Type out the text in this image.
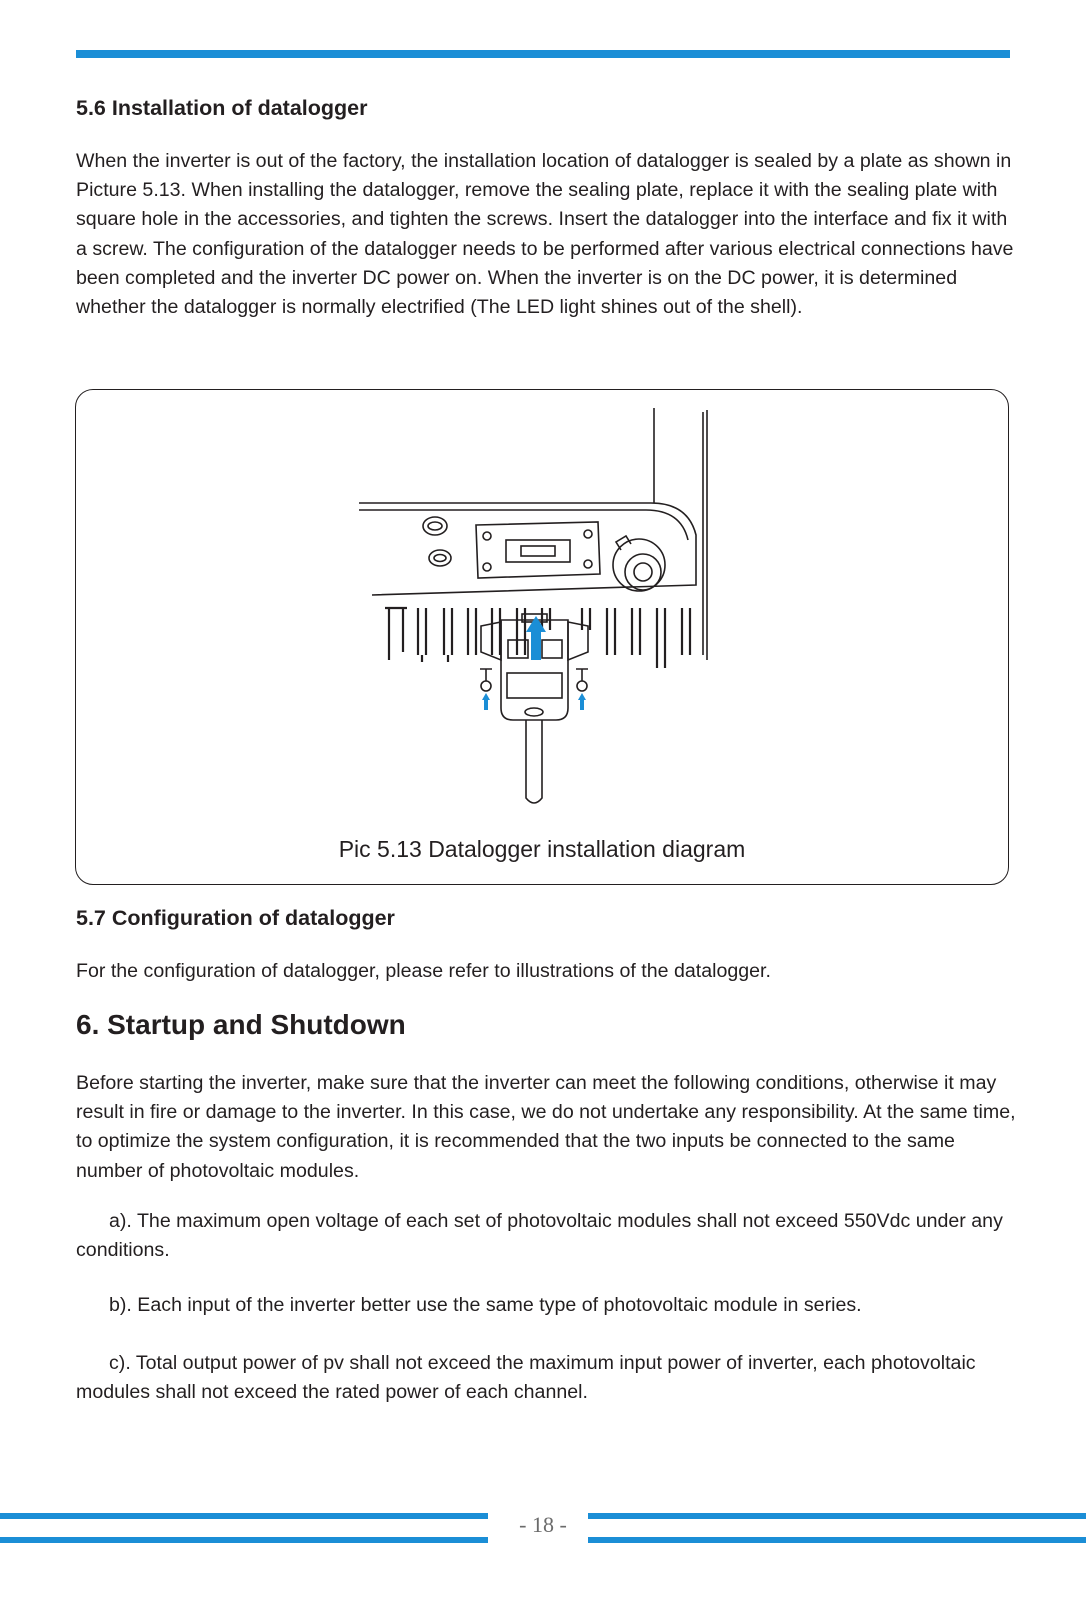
5.6 Installation of datalogger

When the inverter is out of the factory, the installation location of datalogger is sealed by a plate as shown in Picture 5.13. When installing the datalogger, remove the sealing plate, replace it with the sealing plate with square hole in the accessories, and tighten the screws. Insert the datalogger into the interface and fix it with a screw. The configuration of the datalogger needs to be performed after various electrical connections have been completed and the inverter DC power on. When the inverter is on the DC power, it is determined whether the datalogger is normally electrified (The LED light shines out of the shell).

Pic 5.13 Datalogger installation diagram
5.7 Configuration of datalogger

For the configuration of datalogger, please refer to illustrations of the datalogger.

6. Startup and Shutdown

Before starting the inverter, make sure that the inverter can meet the following conditions, otherwise it may result in fire or damage to the inverter. In this case, we do not undertake any responsibility. At the same time, to optimize the system configuration, it is recommended that the two inputs be connected to the same number of photovoltaic modules.

a). The maximum open voltage of each set of photovoltaic modules shall not exceed 550Vdc under any conditions.

b). Each input of the inverter better use the same type of photovoltaic module in series.

c). Total output power of pv shall not exceed the maximum input power of inverter, each photovoltaic modules shall not exceed the rated power of each channel.

- 18 -
